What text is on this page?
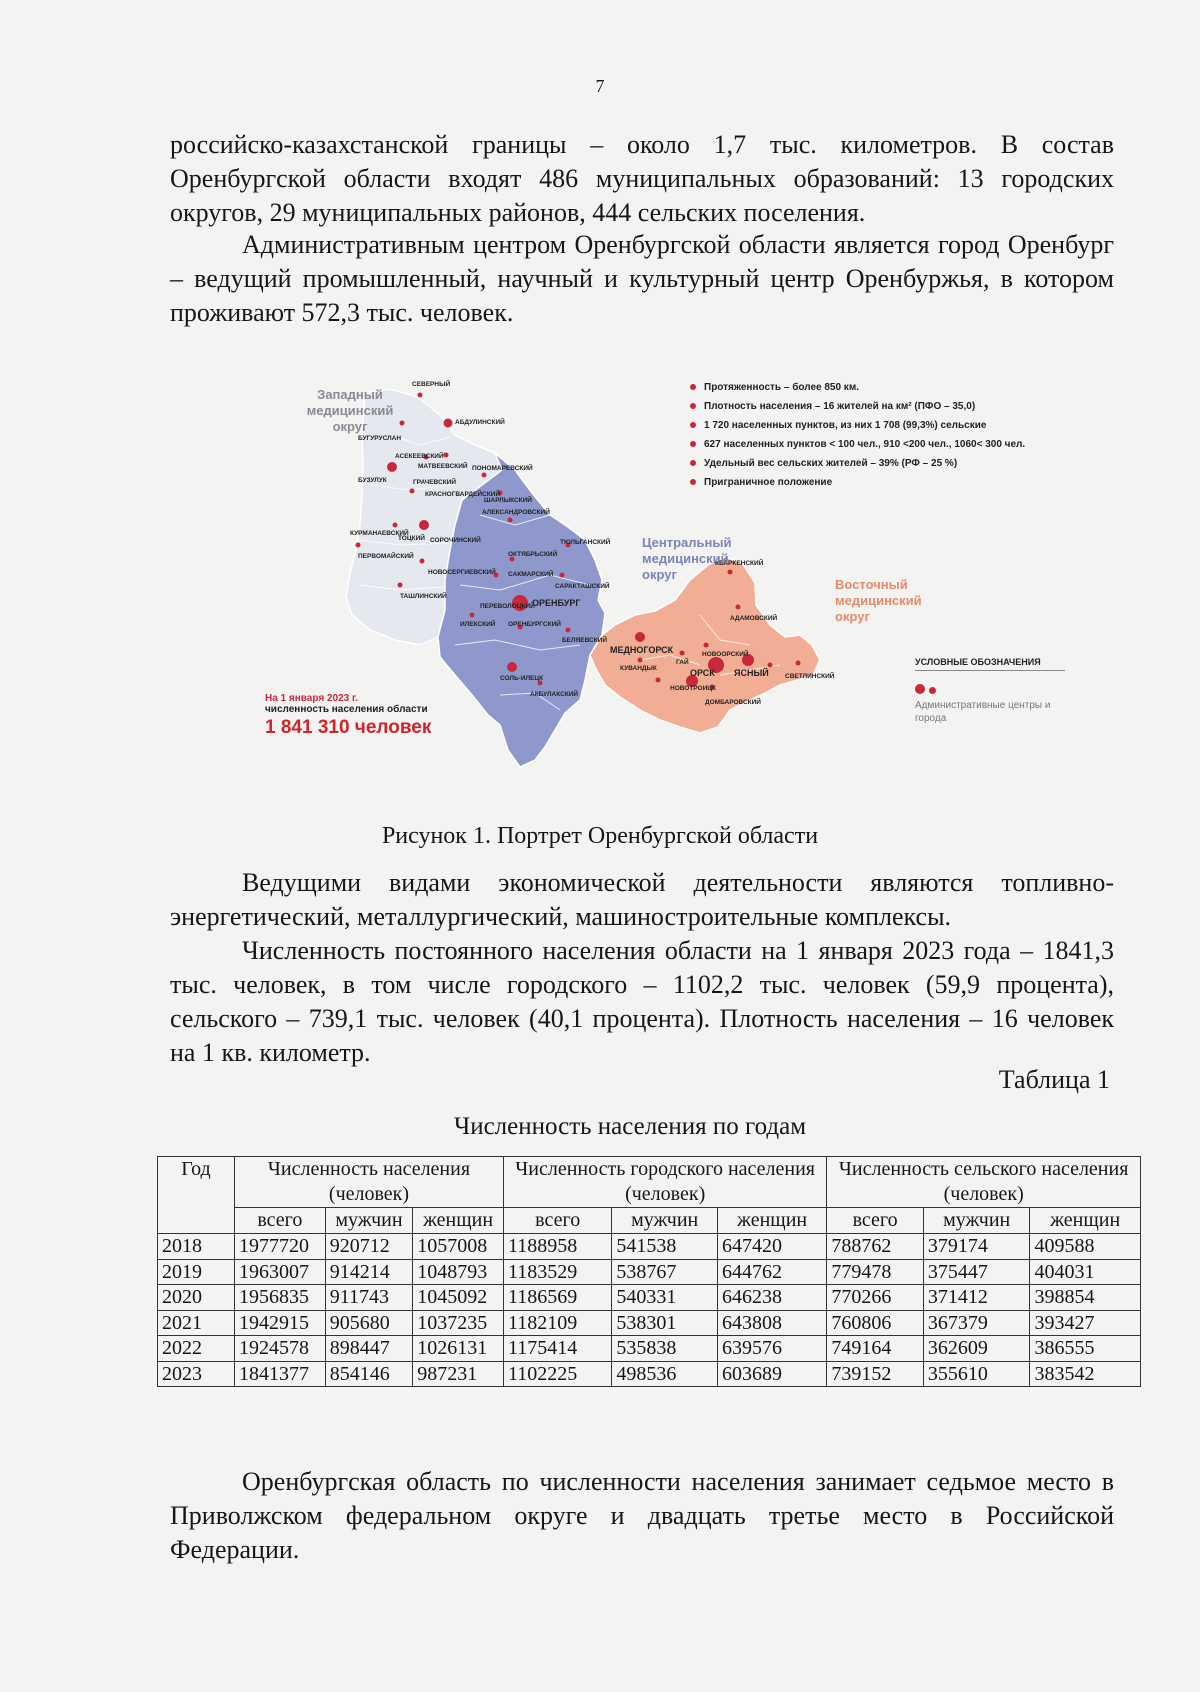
7

российско-казахстанской границы – около 1,7 тыс. километров. В состав Оренбургской области входят 486 муниципальных образований: 13 городских округов, 29 муниципальных районов, 444 сельских поселения.

Административным центром Оренбургской области является город Оренбург – ведущий промышленный, научный и культурный центр Оренбуржья, в котором проживают 572,3 тыс. человек.

СЕВЕРНЫЙ
АБДУЛИНСКИЙ
БУГУРУСЛАН
АСЕКЕЕВСКИЙ
МАТВЕЕВСКИЙ ПОНОМАРЕВСКИЙ
БУЗУЛУК	ГРАЧЕВСКИЙ
КРАСНОГВАРДЕЙСКИЙ
ШАРЛЫКСКИЙ
АЛЕКСАНДРОВСКИЙ
КУРМАНАЕВСКИЙ
ТОЦКИЙ СОРОЧИНСКИЙ
ОКТЯБРЬСКИЙ
ТЮЛЬГАНСКИЙ
НОВОСЕРГИЕВСКИЙ САКМАРСКИЙ
САРАКТАШСКИЙ
ПЕРВОМАЙСКИЙ
ТАШЛИНСКИЙ
ПЕРЕВОЛОЦКИЙ
ОРЕНБУРГ
ИЛЕКСКИЙ ОРЕНБУРГСКИЙ
БЕЛЯЕВСКИЙ
СОЛЬ-ИЛЕЦК
АКБУЛАКСКИЙ
КВАРКЕНСКИЙ
АДАМОВСКИЙ
МЕДНОГОРСК
КУВАНДЫК
ГАЙ
НОВООРСКИЙ
ОРСК ЯСНЫЙ
НОВОТРОИЦК
ДОМБАРОВСКИЙ
СВЕТЛИНСКИЙ
Западный медицинский округ
Центральный медицинский округ
Восточный медицинский округ
Протяженность – более 850 км.
Плотность населения – 16 жителей на км² (ПФО – 35,0)
1 720 населенных пунктов, из них 1 708 (99,3%) сельские
627 населенных пунктов < 100 чел., 910 <200 чел., 1060< 300 чел.
Удельный вес сельских жителей – 39% (РФ – 25 %)
Приграничное положение
На 1 января 2023 г.
численность населения области
1 841 310 человек
УСЛОВНЫЕ ОБОЗНАЧЕНИЯ
Административные центры и города
Рисунок 1. Портрет Оренбургской области

Ведущими видами экономической деятельности являются топливно-энергетический, металлургический, машиностроительные комплексы.

Численность постоянного населения области на 1 января 2023 года – 1841,3 тыс. человек, в том числе городского – 1102,2 тыс. человек (59,9 процента), сельского – 739,1 тыс. человек (40,1 процента). Плотность населения – 16 человек на 1 кв. километр.

Таблица 1
Численность населения по годам
Год	Численность населения (человек)			Численность городского населения (человек)			Численность сельского населения (человек)		
	всего	мужчин	женщин	всего	мужчин	женщин	всего	мужчин	женщин
2018	1977720	920712	1057008	1188958	541538	647420	788762	379174	409588
2019	1963007	914214	1048793	1183529	538767	644762	779478	375447	404031
2020	1956835	911743	1045092	1186569	540331	646238	770266	371412	398854
2021	1942915	905680	1037235	1182109	538301	643808	760806	367379	393427
2022	1924578	898447	1026131	1175414	535838	639576	749164	362609	386555
2023	1841377	854146	987231	1102225	498536	603689	739152	355610	383542

Оренбургская область по численности населения занимает седьмое место в Приволжском федеральном округе и двадцать третье место в Российской Федерации.
